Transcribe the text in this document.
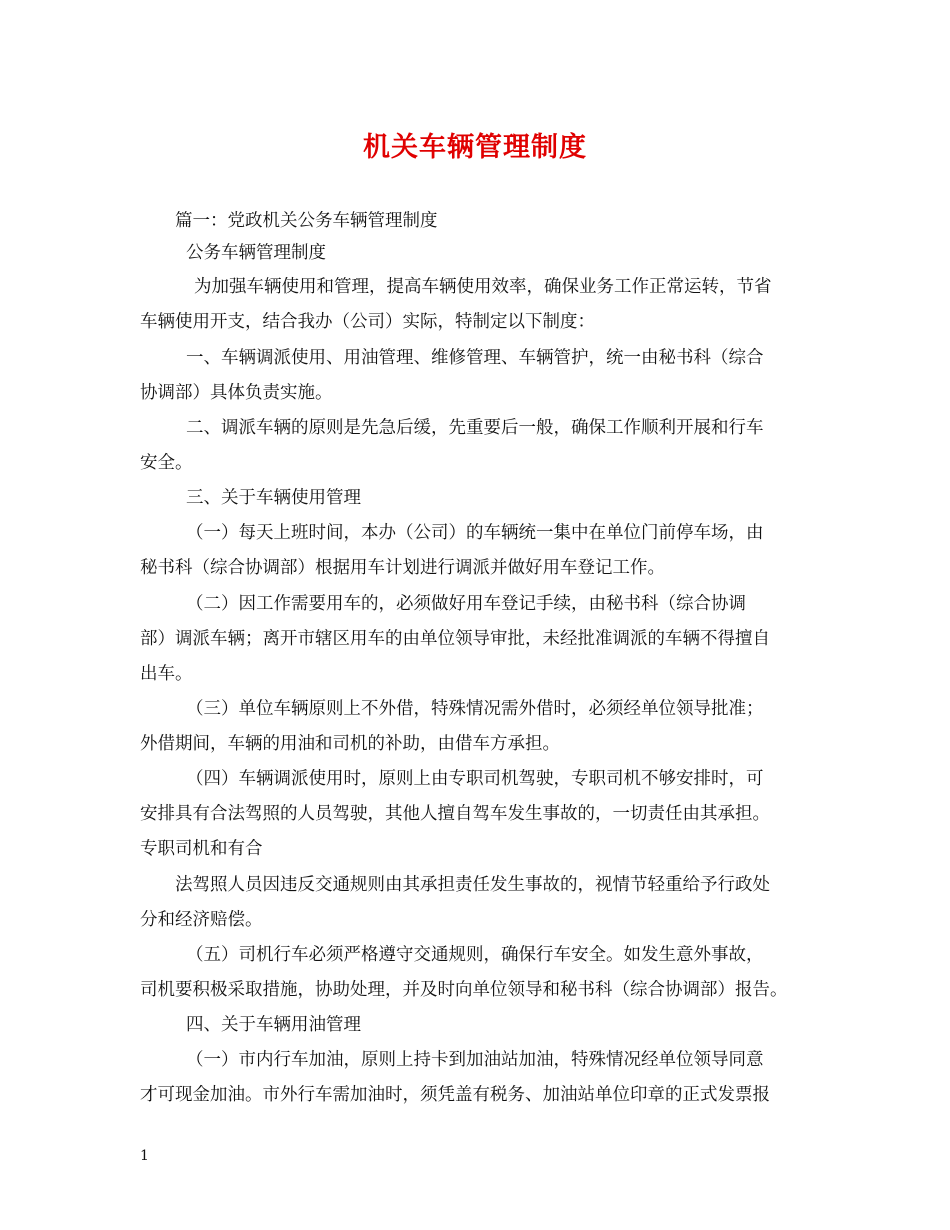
机关车辆管理制度

篇一：党政机关公务车辆管理制度

公务车辆管理制度

为加强车辆使用和管理，提高车辆使用效率，确保业务工作正常运转，节省

车辆使用开支，结合我办（公司）实际，特制定以下制度：

一、车辆调派使用、用油管理、维修管理、车辆管护，统一由秘书科（综合

协调部）具体负责实施。

二、调派车辆的原则是先急后缓，先重要后一般，确保工作顺利开展和行车

安全。

三、关于车辆使用管理

（一）每天上班时间，本办（公司）的车辆统一集中在单位门前停车场，由

秘书科（综合协调部）根据用车计划进行调派并做好用车登记工作。

（二）因工作需要用车的，必须做好用车登记手续，由秘书科（综合协调

部）调派车辆；离开市辖区用车的由单位领导审批，未经批准调派的车辆不得擅自

出车。

（三）单位车辆原则上不外借，特殊情况需外借时，必须经单位领导批准；

外借期间，车辆的用油和司机的补助，由借车方承担。

（四）车辆调派使用时，原则上由专职司机驾驶，专职司机不够安排时，可

安排具有合法驾照的人员驾驶，其他人擅自驾车发生事故的，一切责任由其承担。

专职司机和有合

法驾照人员因违反交通规则由其承担责任发生事故的，视情节轻重给予行政处

分和经济赔偿。

（五）司机行车必须严格遵守交通规则，确保行车安全。如发生意外事故，

司机要积极采取措施，协助处理，并及时向单位领导和秘书科（综合协调部）报告。

四、关于车辆用油管理

（一）市内行车加油，原则上持卡到加油站加油，特殊情况经单位领导同意

才可现金加油。市外行车需加油时，须凭盖有税务、加油站单位印章的正式发票报

1
